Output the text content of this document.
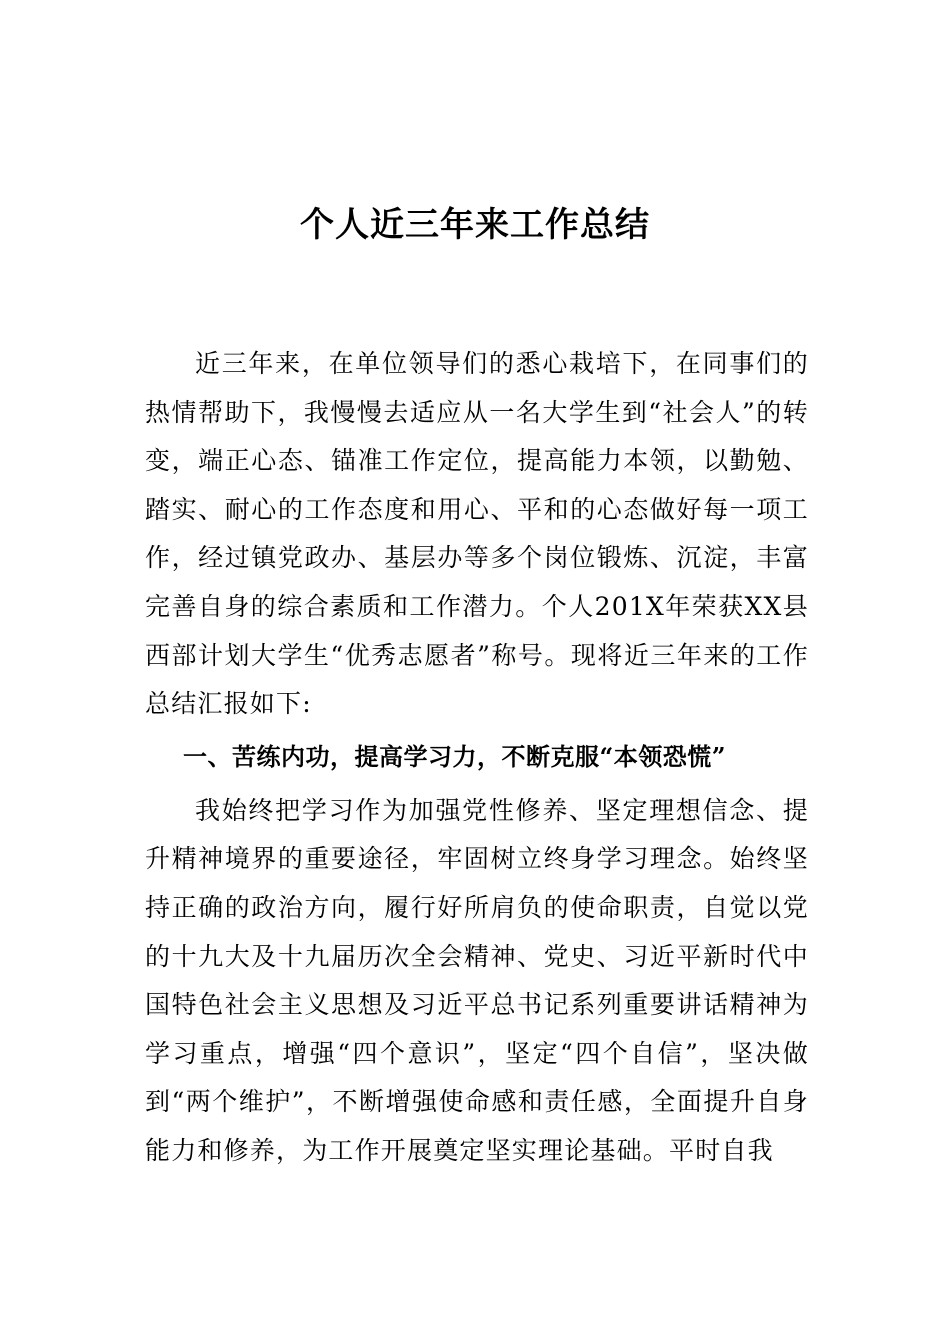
个人近三年来工作总结

近三年来，在单位领导们的悉心栽培下，在同事们的热情帮助下，我慢慢去适应从一名大学生到“社会人”的转变，端正心态、锚准工作定位，提高能力本领，以勤勉、踏实、耐心的工作态度和用心、平和的心态做好每一项工作，经过镇党政办、基层办等多个岗位锻炼、沉淀，丰富完善自身的综合素质和工作潜力。个人201X年荣获XX县西部计划大学生“优秀志愿者”称号。现将近三年来的工作总结汇报如下:

一、苦练内功，提高学习力，不断克服“本领恐慌”

我始终把学习作为加强党性修养、坚定理想信念、提升精神境界的重要途径，牢固树立终身学习理念。始终坚持正确的政治方向，履行好所肩负的使命职责，自觉以党的十九大及十九届历次全会精神、党史、习近平新时代中国特色社会主义思想及习近平总书记系列重要讲话精神为学习重点，增强“四个意识”，坚定“四个自信”，坚决做到“两个维护”，不断增强使命感和责任感，全面提升自身能力和修养，为工作开展奠定坚实理论基础。平时自我
